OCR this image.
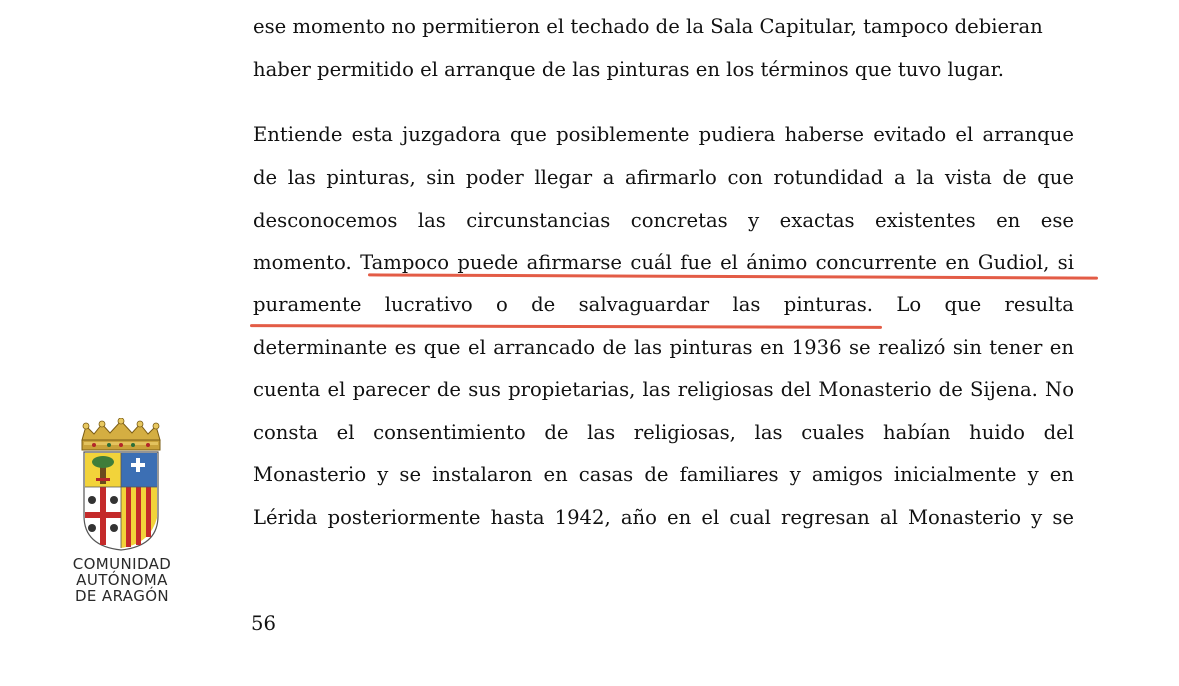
ese momento no permitieron el techado de la Sala Capitular, tampoco debieran
haber permitido el arranque de las pinturas en los términos que tuvo lugar.
Entiende esta juzgadora que posiblemente pudiera haberse evitado el arranque
de las pinturas, sin poder llegar a afirmarlo con rotundidad a la vista de que
desconocemos las circunstancias concretas y exactas existentes en ese
momento. Tampoco puede afirmarse cuál fue el ánimo concurrente en Gudiol, si
puramente lucrativo o de salvaguardar las pinturas. Lo que resulta
determinante es que el arrancado de las pinturas en 1936 se realizó sin tener en
cuenta el parecer de sus propietarias, las religiosas del Monasterio de Sijena. No
consta el consentimiento de las religiosas, las cuales habían huido del
Monasterio y se instalaron en casas de familiares y amigos inicialmente y en
Lérida posteriormente hasta 1942, año en el cual regresan al Monasterio y se
COMUNIDAD
AUTÓNOMA
DE ARAGÓN
56
